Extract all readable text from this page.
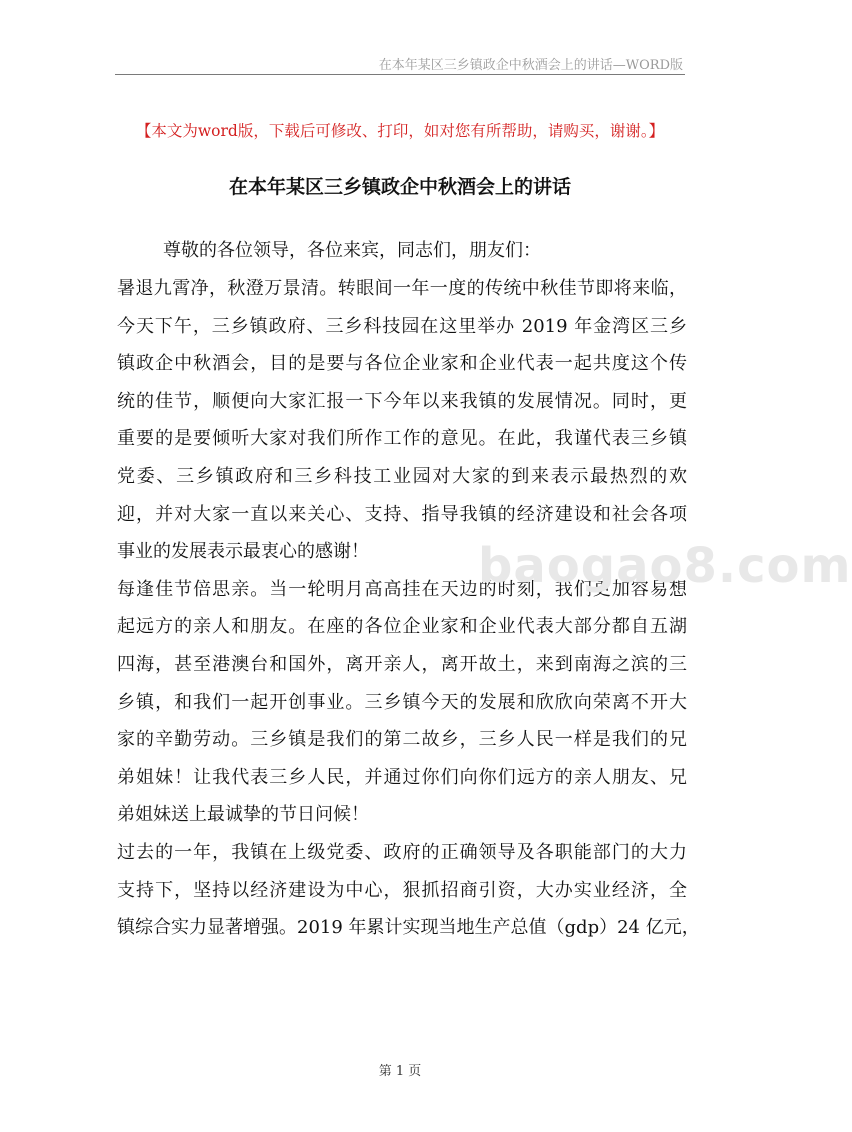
在本年某区三乡镇政企中秋酒会上的讲话—WORD版
【本文为word版，下载后可修改、打印，如对您有所帮助，请购买，谢谢。】
在本年某区三乡镇政企中秋酒会上的讲话
尊敬的各位领导，各位来宾，同志们，朋友们：
暑退九霄净，秋澄万景清。转眼间一年一度的传统中秋佳节即将来临，
今天下午，三乡镇政府、三乡科技园在这里举办 2019 年金湾区三乡
镇政企中秋酒会，目的是要与各位企业家和企业代表一起共度这个传
统的佳节，顺便向大家汇报一下今年以来我镇的发展情况。同时，更
重要的是要倾听大家对我们所作工作的意见。在此，我谨代表三乡镇
党委、三乡镇政府和三乡科技工业园对大家的到来表示最热烈的欢
迎，并对大家一直以来关心、支持、指导我镇的经济建设和社会各项
事业的发展表示最衷心的感谢！
每逢佳节倍思亲。当一轮明月高高挂在天边的时刻，我们更加容易想
起远方的亲人和朋友。在座的各位企业家和企业代表大部分都自五湖
四海，甚至港澳台和国外，离开亲人，离开故土，来到南海之滨的三
乡镇，和我们一起开创事业。三乡镇今天的发展和欣欣向荣离不开大
家的辛勤劳动。三乡镇是我们的第二故乡，三乡人民一样是我们的兄
弟姐妹！让我代表三乡人民，并通过你们向你们远方的亲人朋友、兄
弟姐妹送上最诚挚的节日问候！
过去的一年，我镇在上级党委、政府的正确领导及各职能部门的大力
支持下，坚持以经济建设为中心，狠抓招商引资，大办实业经济，全
镇综合实力显著增强。2019 年累计实现当地生产总值（gdp）24 亿元，
baogao8.com
第 1 页
